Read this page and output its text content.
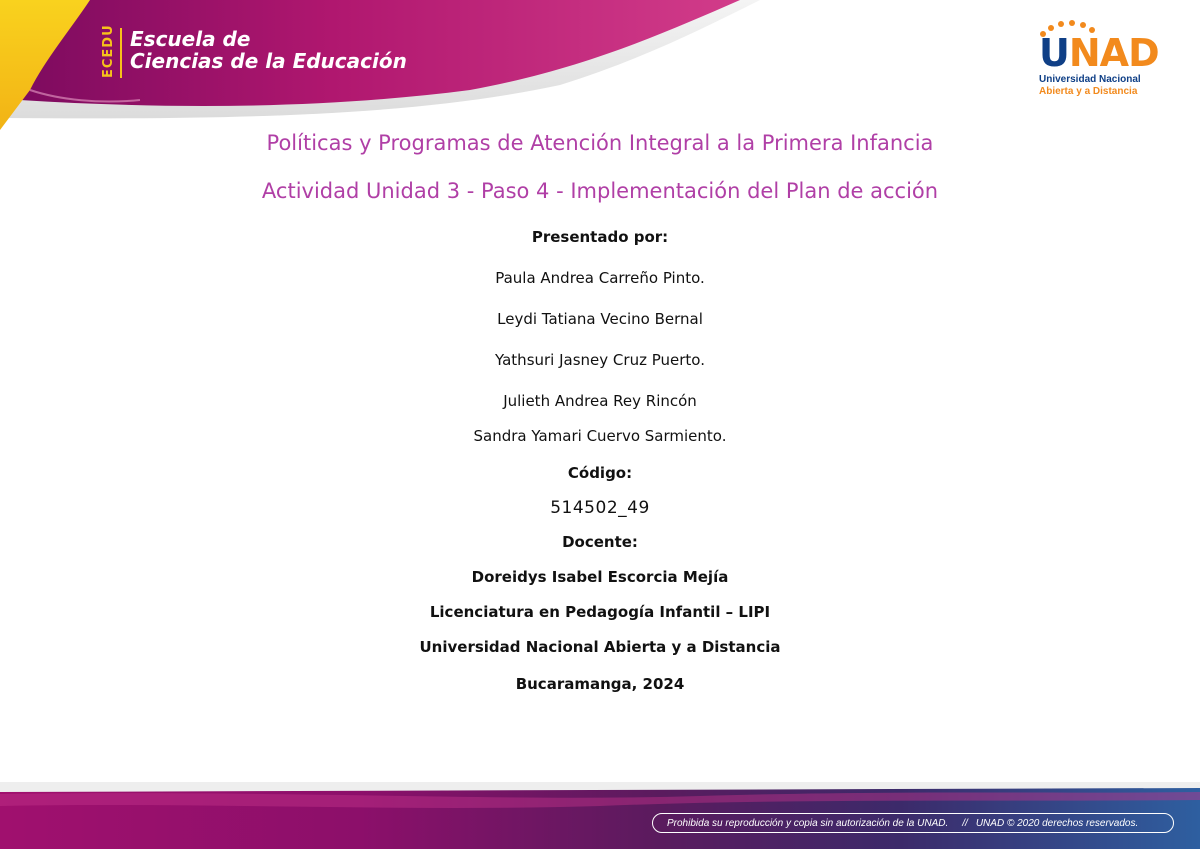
ECEDU Escuela de
Ciencias de la Educación	UNAD
Universidad Nacional
Abierta y a Distancia
Políticas y Programas de Atención Integral a la Primera Infancia
Actividad Unidad 3 - Paso 4 - Implementación del Plan de acción
Presentado por:
Paula Andrea Carreño Pinto.
Leydi Tatiana Vecino Bernal
Yathsuri Jasney Cruz Puerto.
Julieth Andrea Rey Rincón
Sandra Yamari Cuervo Sarmiento.
Código:
514502_49
Docente:
Doreidys Isabel Escorcia Mejía
Licenciatura en Pedagogía Infantil – LIPI
Universidad Nacional Abierta y a Distancia
Bucaramanga, 2024
Prohibida su reproducción y copia sin autorización de la UNAD. // UNAD © 2020 derechos reservados.
